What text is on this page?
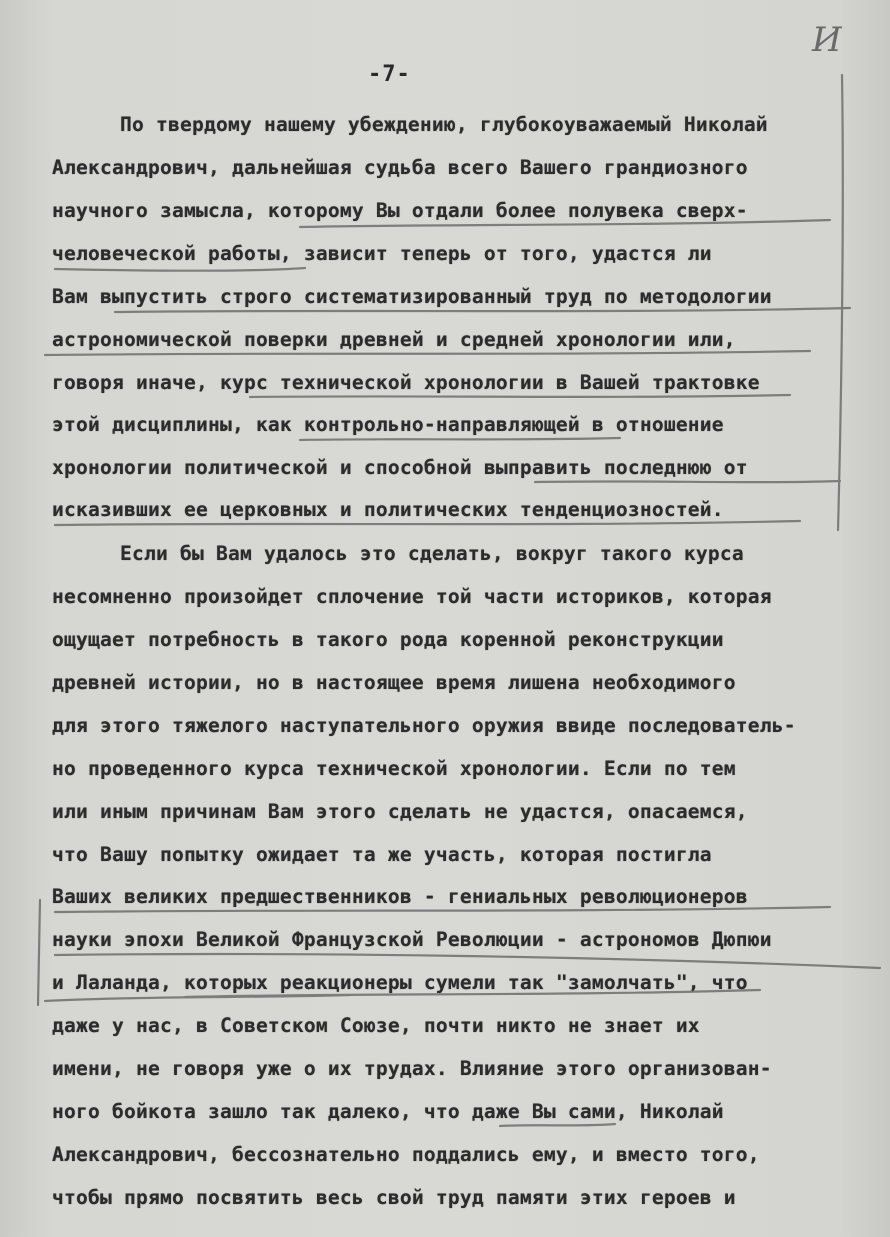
-7-
И
По твердому нашему убеждению, глубокоуважаемый Николай
Александрович, дальнейшая судьба всего Вашего грандиозного
научного замысла, которому Вы отдали более полувека сверх-
человеческой работы, зависит теперь от того, удастся ли
Вам выпустить строго систематизированный труд по методологии
астрономической поверки древней и средней хронологии или,
говоря иначе, курс технической хронологии в Вашей трактовке
этой дисциплины, как контрольно-направляющей в отношение
хронологии политической и способной выправить последнюю от
исказивших ее церковных и политических тенденциозностей.
Если бы Вам удалось это сделать, вокруг такого курса
несомненно произойдет сплочение той части историков, которая
ощущает потребность в такого рода коренной реконструкции
древней истории, но в настоящее время лишена необходимого
для этого тяжелого наступательного оружия ввиде последователь-
но проведенного курса технической хронологии. Если по тем
или иным причинам Вам этого сделать не удастся, опасаемся,
что Вашу попытку ожидает та же участь, которая постигла
Ваших великих предшественников - гениальных революционеров
науки эпохи Великой Французской Революции - астрономов Дюпюи
и Лаланда, которых реакционеры сумели так "замолчать", что
даже у нас, в Советском Союзе, почти никто не знает их
имени, не говоря уже о их трудах. Влияние этого организован-
ного бойкота зашло так далеко, что даже Вы сами, Николай
Александрович, бессознательно поддались ему, и вместо того,
чтобы прямо посвятить весь свой труд памяти этих героев и
